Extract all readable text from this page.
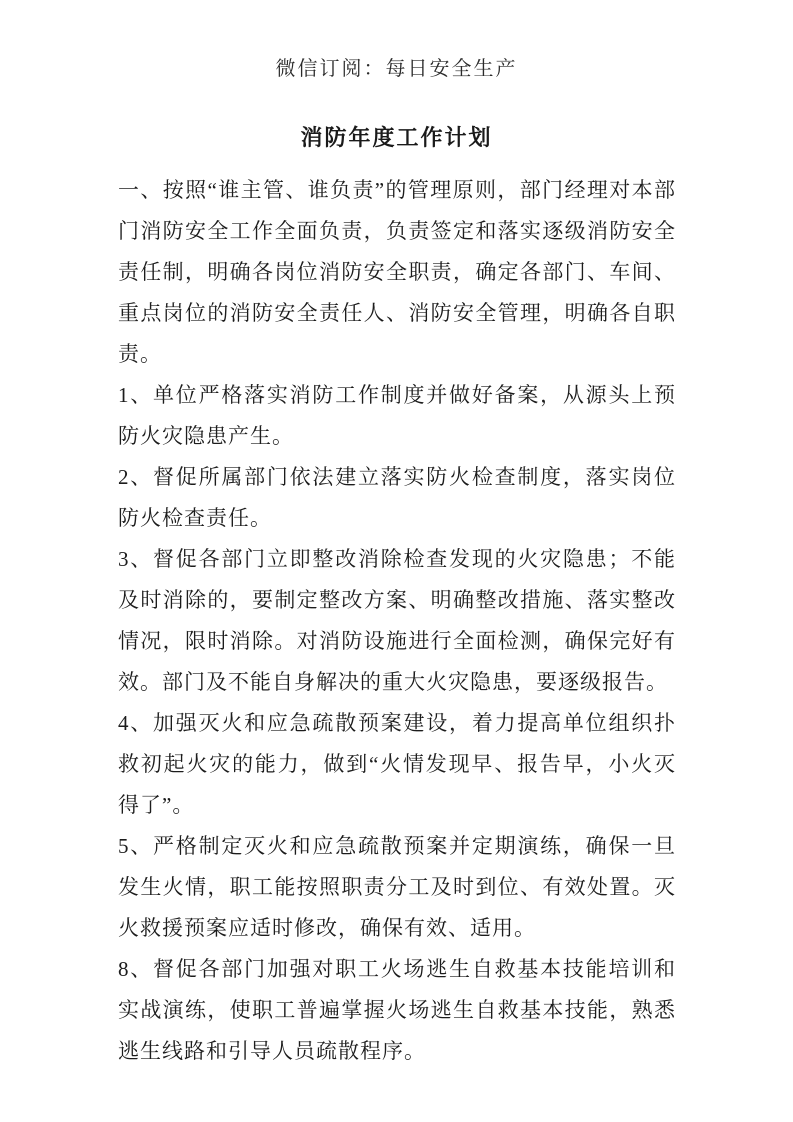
微信订阅：每日安全生产
消防年度工作计划

一、按照“谁主管、谁负责”的管理原则，部门经理对本部门消防安全工作全面负责，负责签定和落实逐级消防安全责任制，明确各岗位消防安全职责，确定各部门、车间、重点岗位的消防安全责任人、消防安全管理，明确各自职责。

1、单位严格落实消防工作制度并做好备案，从源头上预防火灾隐患产生。

2、督促所属部门依法建立落实防火检查制度，落实岗位防火检查责任。

3、督促各部门立即整改消除检查发现的火灾隐患；不能及时消除的，要制定整改方案、明确整改措施、落实整改情况，限时消除。对消防设施进行全面检测，确保完好有效。部门及不能自身解决的重大火灾隐患，要逐级报告。

4、加强灭火和应急疏散预案建设，着力提高单位组织扑救初起火灾的能力，做到“火情发现早、报告早，小火灭得了”。

5、严格制定灭火和应急疏散预案并定期演练，确保一旦发生火情，职工能按照职责分工及时到位、有效处置。灭火救援预案应适时修改，确保有效、适用。

8、督促各部门加强对职工火场逃生自救基本技能培训和实战演练，使职工普遍掌握火场逃生自救基本技能，熟悉逃生线路和引导人员疏散程序。
